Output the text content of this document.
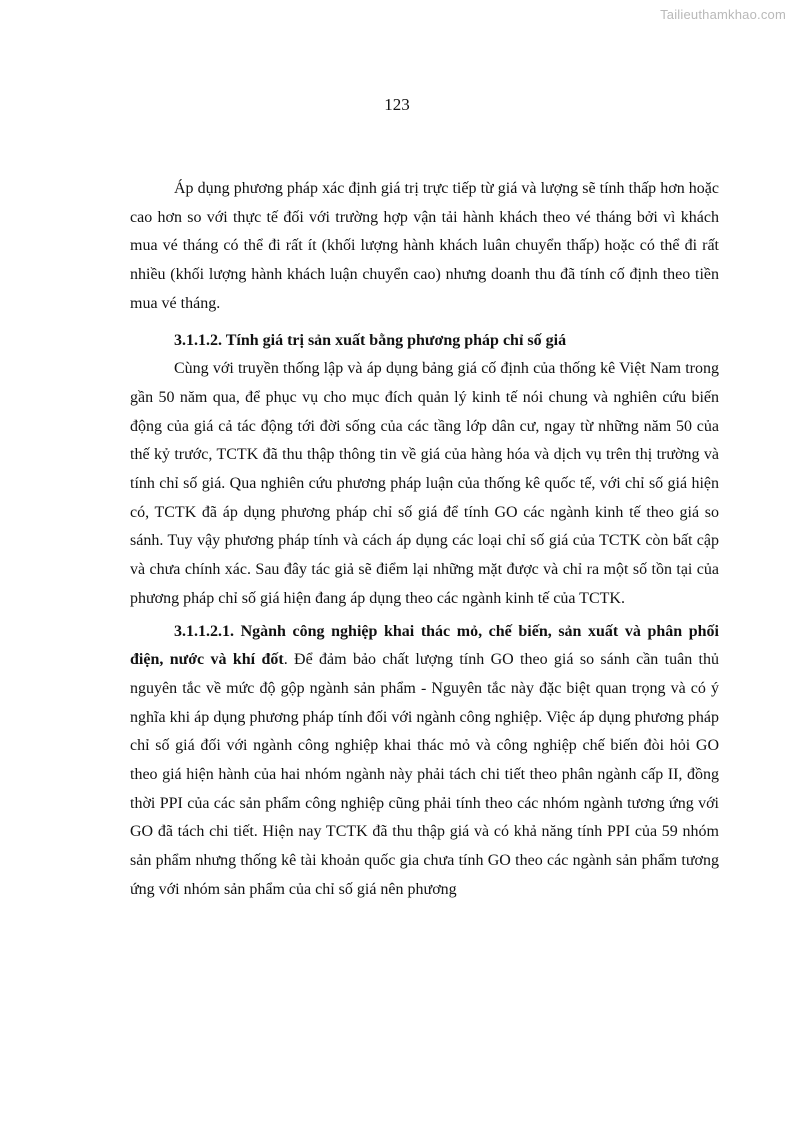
Tailieuthamkhao.com
123

Áp dụng phương pháp xác định giá trị trực tiếp từ giá và lượng sẽ tính thấp hơn hoặc cao hơn so với thực tế đối với trường hợp vận tải hành khách theo vé tháng bởi vì khách mua vé tháng có thể đi rất ít (khối lượng hành khách luân chuyển thấp) hoặc có thể đi rất nhiều (khối lượng hành khách luận chuyển cao) nhưng doanh thu đã tính cố định theo tiền mua vé tháng.

3.1.1.2. Tính giá trị sản xuất bằng phương pháp chỉ số giá

Cùng với truyền thống lập và áp dụng bảng giá cố định của thống kê Việt Nam trong gần 50 năm qua, để phục vụ cho mục đích quản lý kinh tế nói chung và nghiên cứu biến động của giá cả tác động tới đời sống của các tầng lớp dân cư, ngay từ những năm 50 của thế kỷ trước, TCTK đã thu thập thông tin về giá của hàng hóa và dịch vụ trên thị trường và tính chỉ số giá. Qua nghiên cứu phương pháp luận của thống kê quốc tế, với chỉ số giá hiện có, TCTK đã áp dụng phương pháp chỉ số giá để tính GO các ngành kinh tế theo giá so sánh. Tuy vậy phương pháp tính và cách áp dụng các loại chỉ số giá của TCTK còn bất cập và chưa chính xác. Sau đây tác giả sẽ điểm lại những mặt được và chỉ ra một số tồn tại của phương pháp chỉ số giá hiện đang áp dụng theo các ngành kinh tế của TCTK.

3.1.1.2.1. Ngành công nghiệp khai thác mỏ, chế biến, sản xuất và phân phối điện, nước và khí đốt. Để đảm bảo chất lượng tính GO theo giá so sánh cần tuân thủ nguyên tắc về mức độ gộp ngành sản phẩm - Nguyên tắc này đặc biệt quan trọng và có ý nghĩa khi áp dụng phương pháp tính đối với ngành công nghiệp. Việc áp dụng phương pháp chỉ số giá đối với ngành công nghiệp khai thác mỏ và công nghiệp chế biến đòi hỏi GO theo giá hiện hành của hai nhóm ngành này phải tách chi tiết theo phân ngành cấp II, đồng thời PPI của các sản phẩm công nghiệp cũng phải tính theo các nhóm ngành tương ứng với GO đã tách chi tiết. Hiện nay TCTK đã thu thập giá và có khả năng tính PPI của 59 nhóm sản phẩm nhưng thống kê tài khoản quốc gia chưa tính GO theo các ngành sản phẩm tương ứng với nhóm sản phẩm của chỉ số giá nên phương
